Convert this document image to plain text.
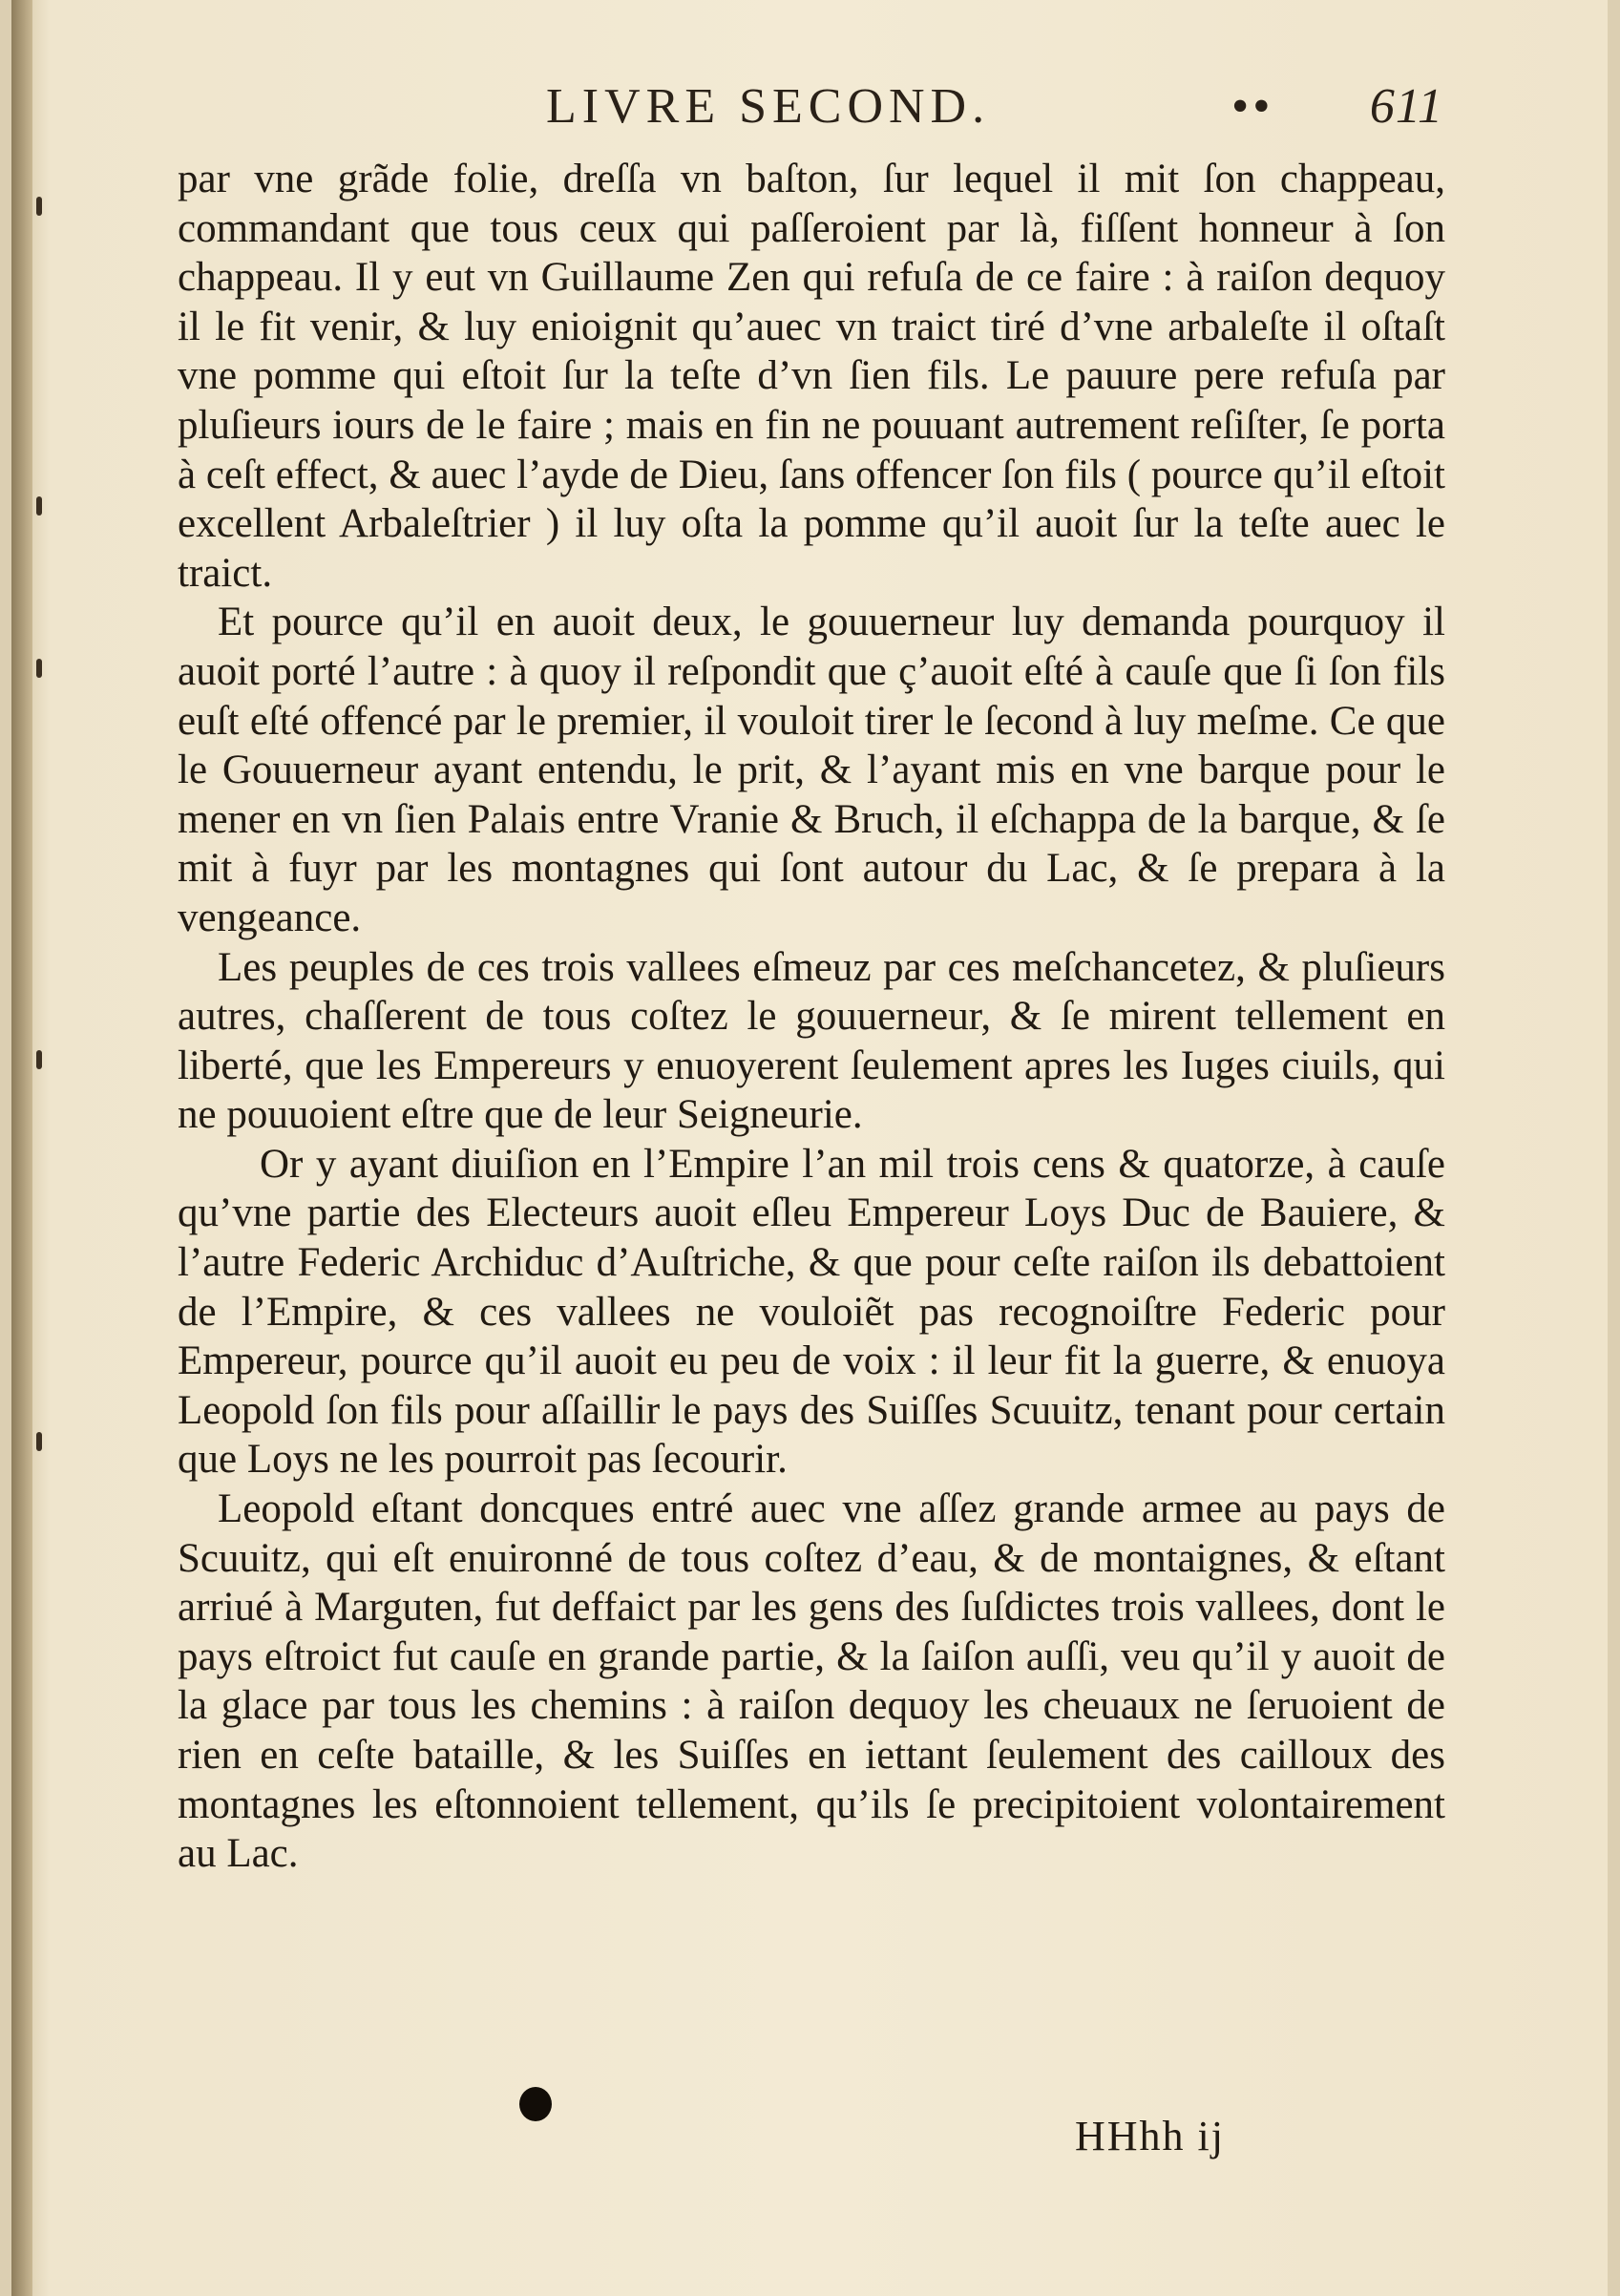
LIVRE SECOND.	•• 611

par vne grãde folie, dreſſa vn baſton, ſur lequel il mit ſon chappeau, commandant que tous ceux qui paſſeroient par là, fiſſent honneur à ſon chappeau. Il y eut vn Guillaume Zen qui refuſa de ce faire : à raiſon dequoy il le fit venir, & luy enioignit qu’auec vn traict tiré d’vne arbaleſte il oſtaſt vne pomme qui eſtoit ſur la teſte d’vn ſien fils. Le pauure pere refuſa par pluſieurs iours de le faire ; mais en fin ne pouuant autrement reſiſter, ſe porta à ceſt effect, & auec l’ayde de Dieu, ſans offencer ſon fils ( pource qu’il eſtoit excellent Arbaleſtrier ) il luy oſta la pomme qu’il auoit ſur la teſte auec le traict.

Et pource qu’il en auoit deux, le gouuerneur luy demanda pourquoy il auoit porté l’autre : à quoy il reſpondit que ç’auoit eſté à cauſe que ſi ſon fils euſt eſté offencé par le premier, il vouloit tirer le ſecond à luy meſme. Ce que le Gouuerneur ayant entendu, le prit, & l’ayant mis en vne barque pour le mener en vn ſien Palais entre Vranie & Bruch, il eſchappa de la barque, & ſe mit à fuyr par les montagnes qui ſont autour du Lac, & ſe prepara à la vengeance.

Les peuples de ces trois vallees eſmeuz par ces meſchancetez, & pluſieurs autres, chaſſerent de tous coſtez le gouuerneur, & ſe mirent tellement en liberté, que les Empereurs y enuoyerent ſeulement apres les Iuges ciuils, qui ne pouuoient eſtre que de leur Seigneurie.

Or y ayant diuiſion en l’Empire l’an mil trois cens & quatorze, à cauſe qu’vne partie des Electeurs auoit eſleu Empereur Loys Duc de Bauiere, & l’autre Federic Archiduc d’Auſtriche, & que pour ceſte raiſon ils debattoient de l’Empire, & ces vallees ne vouloiẽt pas recognoiſtre Federic pour Empereur, pource qu’il auoit eu peu de voix : il leur fit la guerre, & enuoya Leopold ſon fils pour aſſaillir le pays des Suiſſes Scuuitz, tenant pour certain que Loys ne les pourroit pas ſecourir.

Leopold eſtant doncques entré auec vne aſſez grande armee au pays de Scuuitz, qui eſt enuironné de tous coſtez d’eau, & de montaignes, & eſtant arriué à Marguten, fut deffaict par les gens des ſuſdictes trois vallees, dont le pays eſtroict fut cauſe en grande partie, & la ſaiſon auſſi, veu qu’il y auoit de la glace par tous les chemins : à raiſon dequoy les cheuaux ne ſeruoient de rien en ceſte bataille, & les Suiſſes en iettant ſeulement des cailloux des montagnes les eſtonnoient tellement, qu’ils ſe precipitoient volontairement au Lac.

HHhh ij
